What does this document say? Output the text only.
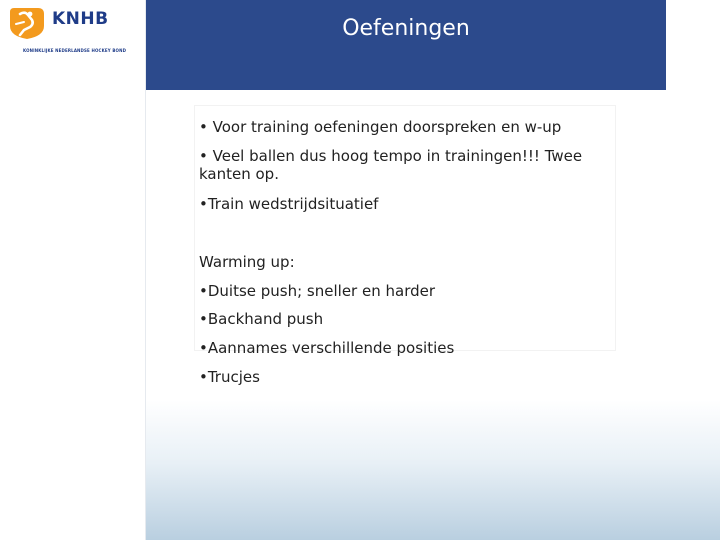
KNHB
KONINKLIJKE NEDERLANDSE HOCKEY BOND
Oefeningen

• Voor training oefeningen doorspreken en w-up

• Veel ballen dus hoog tempo in trainingen!!! Twee kanten op.

•Train wedstrijdsituatief

Warming up:

•Duitse push; sneller en harder

•Backhand push

•Aannames verschillende posities

•Trucjes
